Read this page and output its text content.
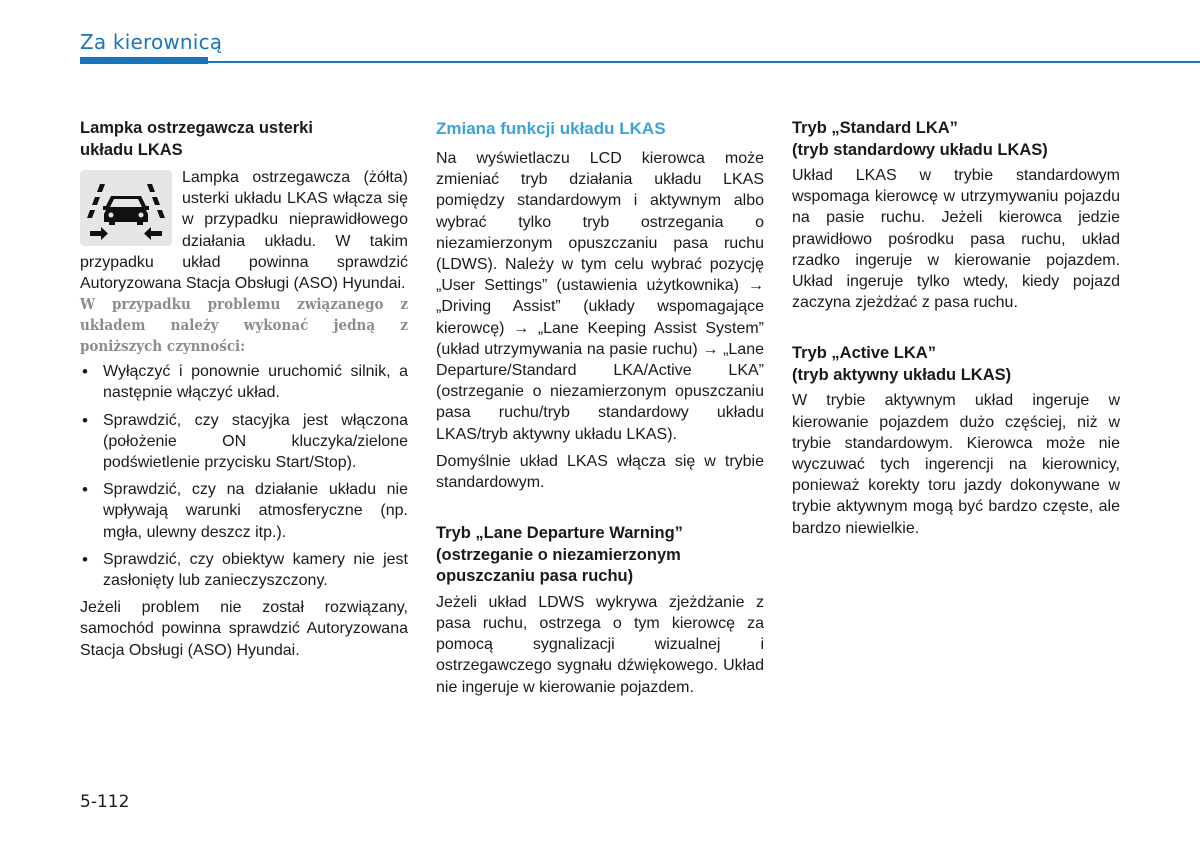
Za kierownicą
Lampka ostrzegawcza usterki
układu LKAS

Lampka ostrzegawcza (żółta) usterki układu LKAS włącza się w przypadku nieprawidłowego działania układu. W takim przypadku układ powinna sprawdzić Autoryzowana Stacja Obsługi (ASO) Hyundai.

W przypadku problemu związanego z układem należy wykonać jedną z poniższych czynności:

• Wyłączyć i ponownie uruchomić silnik, a następnie włączyć układ.
• Sprawdzić, czy stacyjka jest włączona (położenie ON kluczyka/zielone podświetlenie przycisku Start/Stop).
• Sprawdzić, czy na działanie układu nie wpływają warunki atmosferyczne (np. mgła, ulewny deszcz itp.).
• Sprawdzić, czy obiektyw kamery nie jest zasłonięty lub zanieczyszczony.

Jeżeli problem nie został rozwiązany, samochód powinna sprawdzić Autoryzowana Stacja Obsługi (ASO) Hyundai.

Zmiana funkcji układu LKAS

Na wyświetlaczu LCD kierowca może zmieniać tryb działania układu LKAS pomiędzy standardowym i aktywnym albo wybrać tylko tryb ostrzegania o niezamierzonym opuszczaniu pasa ruchu (LDWS). Należy w tym celu wybrać pozycję „User Settings” (ustawienia użytkownika) → „Driving Assist” (układy wspomagające kierowcę) → „Lane Keeping Assist System” (układ utrzymywania na pasie ruchu) → „Lane Departure/Standard LKA/Active LKA” (ostrzeganie o niezamierzonym opuszczaniu pasa ruchu/tryb standardowy układu LKAS/tryb aktywny układu LKAS).

Domyślnie układ LKAS włącza się w trybie standardowym.

Tryb „Lane Departure Warning”
(ostrzeganie o niezamierzonym
opuszczaniu pasa ruchu)

Jeżeli układ LDWS wykrywa zjeżdżanie z pasa ruchu, ostrzega o tym kierowcę za pomocą sygnalizacji wizualnej i ostrzegawczego sygnału dźwiękowego. Układ nie ingeruje w kierowanie pojazdem.

Tryb „Standard LKA”
(tryb standardowy układu LKAS)

Układ LKAS w trybie standardowym wspomaga kierowcę w utrzymywaniu pojazdu na pasie ruchu. Jeżeli kierowca jedzie prawidłowo pośrodku pasa ruchu, układ rzadko ingeruje w kierowanie pojazdem. Układ ingeruje tylko wtedy, kiedy pojazd zaczyna zjeżdżać z pasa ruchu.

Tryb „Active LKA”
(tryb aktywny układu LKAS)

W trybie aktywnym układ ingeruje w kierowanie pojazdem dużo częściej, niż w trybie standardowym. Kierowca może nie wyczuwać tych ingerencji na kierownicy, ponieważ korekty toru jazdy dokonywane w trybie aktywnym mogą być bardzo częste, ale bardzo niewielkie.

5-112
